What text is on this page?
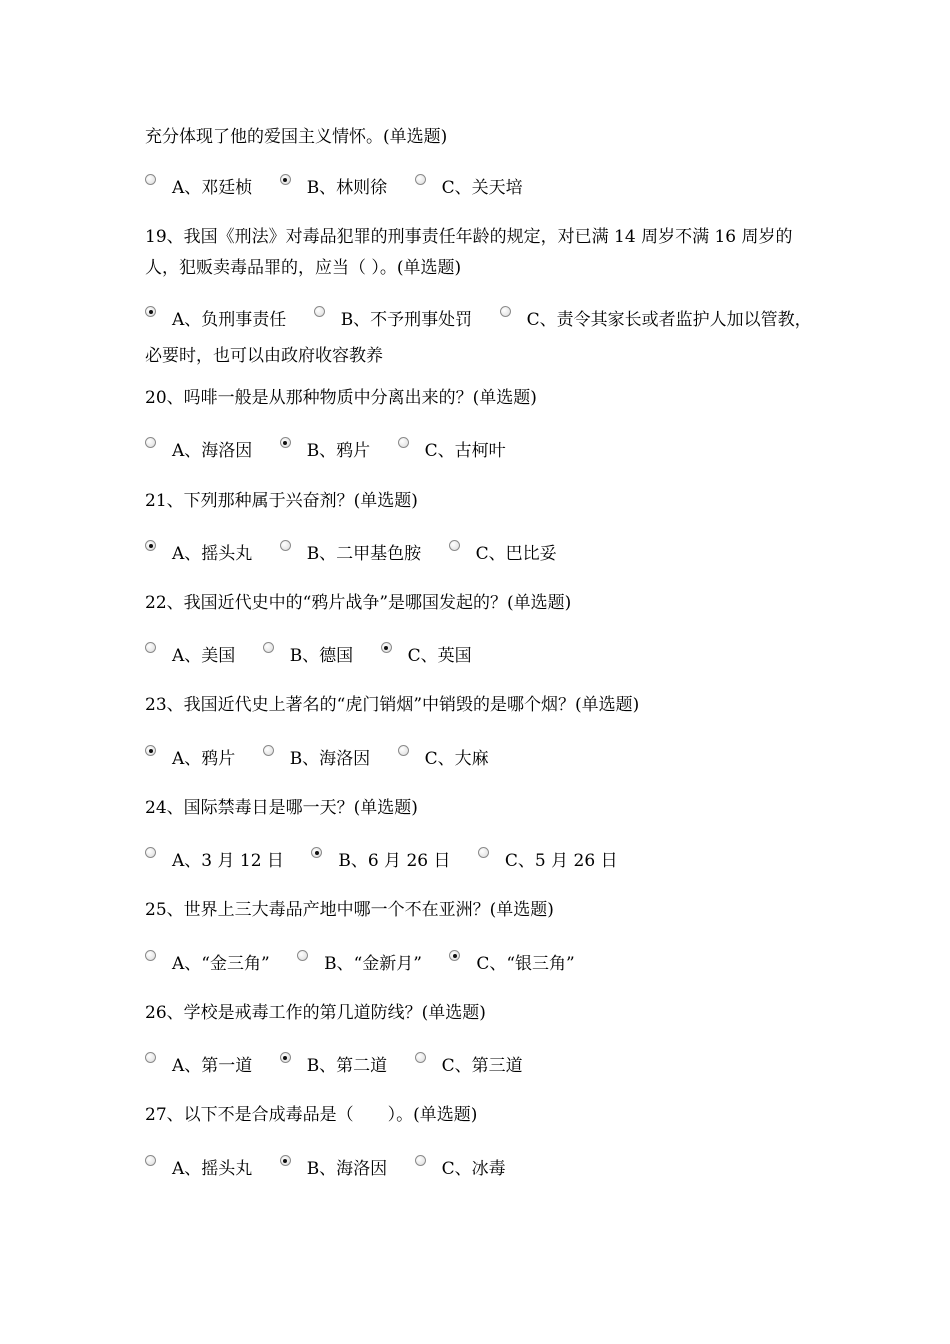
充分体现了他的爱国主义情怀。(单选题)
A、邓廷桢	B、林则徐	C、关天培
19、我国《刑法》对毒品犯罪的刑事责任年龄的规定，对已满 14 周岁不满 16 周岁的人，犯贩卖毒品罪的，应当（ ）。(单选题)
A、负刑事责任	B、不予刑事处罚	C、责令其家长或者监护人加以管教，必要时，也可以由政府收容教养
20、吗啡一般是从那种物质中分离出来的？(单选题)
A、海洛因	B、鸦片	C、古柯叶
21、下列那种属于兴奋剂？(单选题)
A、摇头丸	B、二甲基色胺	C、巴比妥
22、我国近代史中的“鸦片战争”是哪国发起的？(单选题)
A、美国	B、德国	C、英国
23、我国近代史上著名的“虎门销烟”中销毁的是哪个烟？(单选题)
A、鸦片	B、海洛因	C、大麻
24、国际禁毒日是哪一天？(单选题)
A、3 月 12 日	B、6 月 26 日	C、5 月 26 日
25、世界上三大毒品产地中哪一个不在亚洲？(单选题)
A、“金三角”	B、“金新月”	C、“银三角”
26、学校是戒毒工作的第几道防线？(单选题)
A、第一道	B、第二道	C、第三道
27、以下不是合成毒品是（　　）。(单选题)
A、摇头丸	B、海洛因	C、冰毒
